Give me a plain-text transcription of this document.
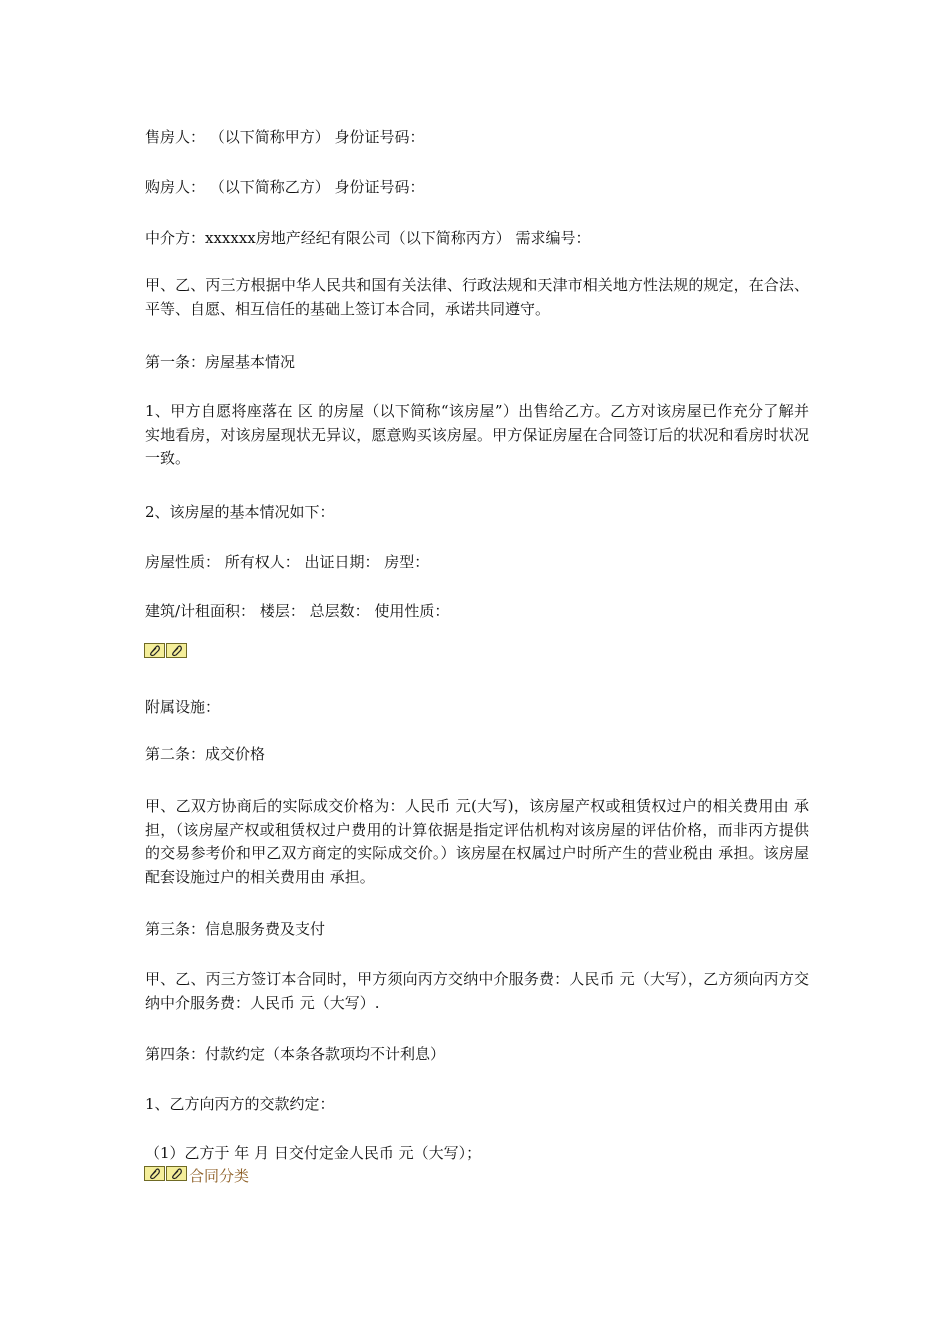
售房人： （以下简称甲方） 身份证号码：
购房人： （以下简称乙方） 身份证号码：
中介方：xxxxxx房地产经纪有限公司（以下简称丙方） 需求编号：
甲、乙、丙三方根据中华人民共和国有关法律、行政法规和天津市相关地方性法规的规定，在合法、平等、自愿、相互信任的基础上签订本合同，承诺共同遵守。
第一条：房屋基本情况
1、甲方自愿将座落在 区 的房屋（以下简称“该房屋”）出售给乙方。乙方对该房屋已作充分了解并实地看房，对该房屋现状无异议，愿意购买该房屋。甲方保证房屋在合同签订后的状况和看房时状况一致。
2、该房屋的基本情况如下：
房屋性质： 所有权人： 出证日期： 房型：
建筑/计租面积： 楼层： 总层数： 使用性质：
附属设施：
第二条：成交价格
甲、乙双方协商后的实际成交价格为：人民币 元(大写)，该房屋产权或租赁权过户的相关费用由 承担，（该房屋产权或租赁权过户费用的计算依据是指定评估机构对该房屋的评估价格，而非丙方提供的交易参考价和甲乙双方商定的实际成交价。）该房屋在权属过户时所产生的营业税由 承担。该房屋配套设施过户的相关费用由 承担。
第三条：信息服务费及支付
甲、乙、丙三方签订本合同时，甲方须向丙方交纳中介服务费：人民币 元（大写），乙方须向丙方交纳中介服务费：人民币 元（大写）.
第四条：付款约定（本条各款项均不计利息）
1、乙方向丙方的交款约定：
（1）乙方于 年 月 日交付定金人民币 元（大写）；
合同分类
